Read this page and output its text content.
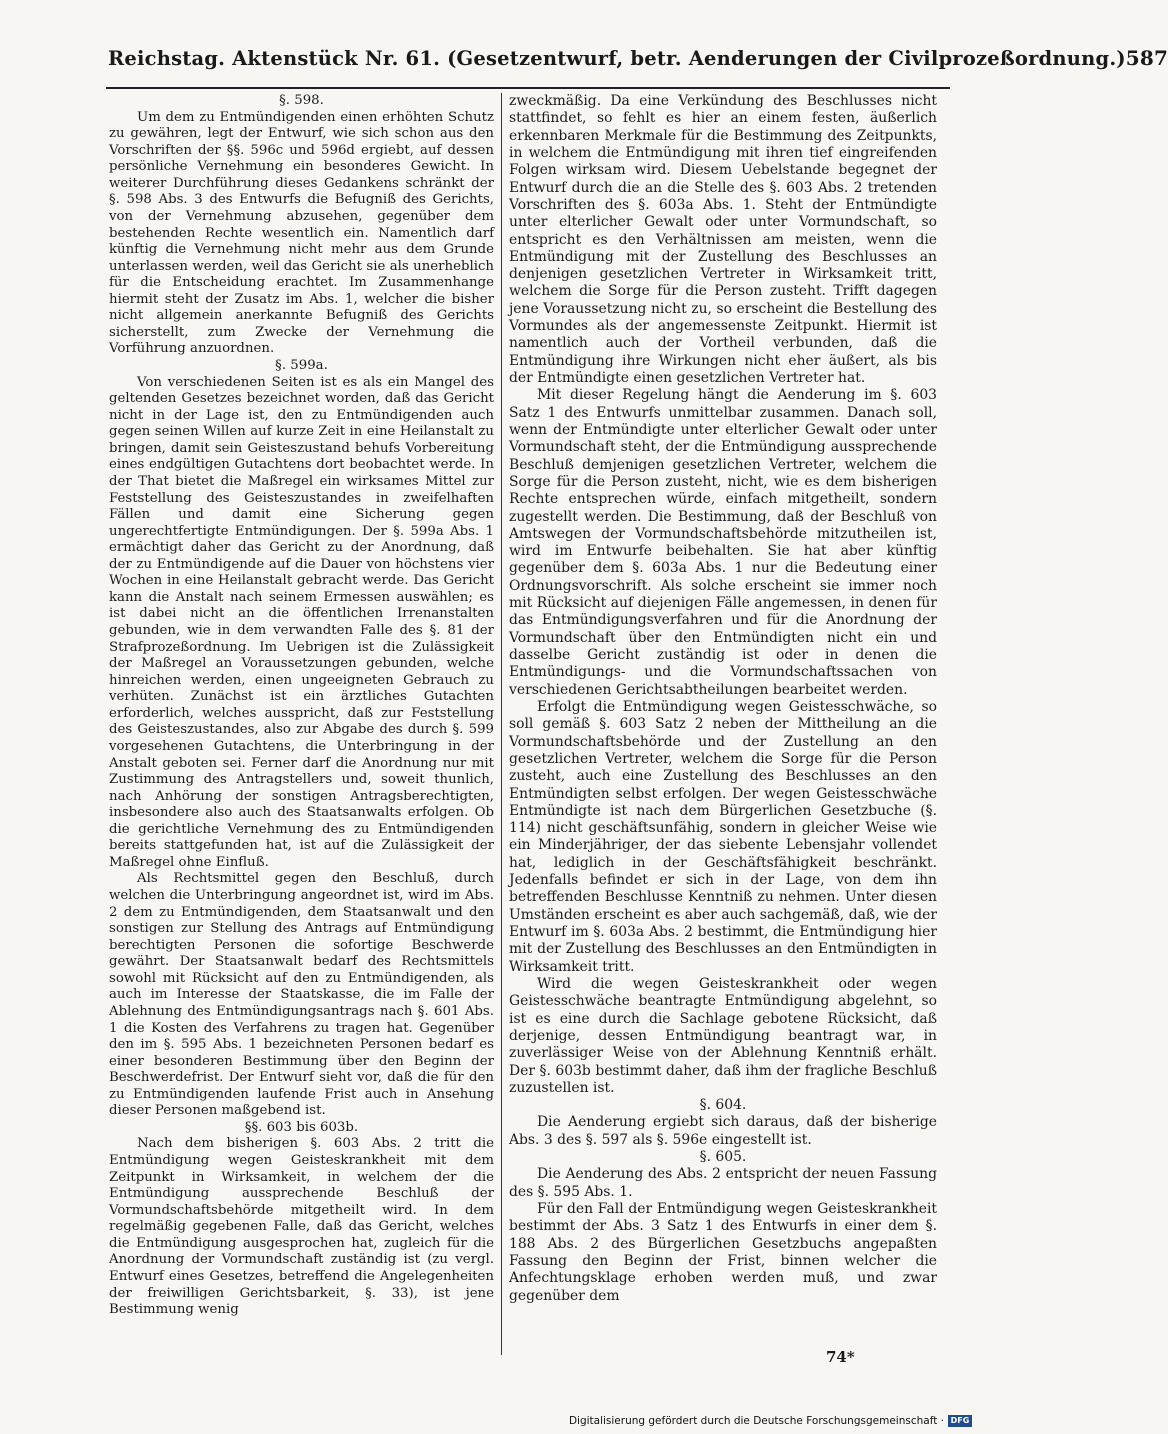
Reichstag. Aktenstück Nr. 61. (Gesetzentwurf, betr. Aenderungen der Civilprozeßordnung.) 587

§. 598.

Um dem zu Entmündigenden einen erhöhten Schutz zu gewähren, legt der Entwurf, wie sich schon aus den Vorschriften der §§. 596c und 596d ergiebt, auf dessen persönliche Vernehmung ein besonderes Gewicht. In weiterer Durchführung dieses Gedankens schränkt der §. 598 Abs. 3 des Entwurfs die Befugniß des Gerichts, von der Vernehmung abzusehen, gegenüber dem bestehenden Rechte wesentlich ein. Namentlich darf künftig die Vernehmung nicht mehr aus dem Grunde unterlassen werden, weil das Gericht sie als unerheblich für die Entscheidung erachtet. Im Zusammenhange hiermit steht der Zusatz im Abs. 1, welcher die bisher nicht allgemein anerkannte Befugniß des Gerichts sicherstellt, zum Zwecke der Vernehmung die Vorführung anzuordnen.

§. 599a.

Von verschiedenen Seiten ist es als ein Mangel des geltenden Gesetzes bezeichnet worden, daß das Gericht nicht in der Lage ist, den zu Entmündigenden auch gegen seinen Willen auf kurze Zeit in eine Heilanstalt zu bringen, damit sein Geisteszustand behufs Vorbereitung eines endgültigen Gutachtens dort beobachtet werde. In der That bietet die Maßregel ein wirksames Mittel zur Feststellung des Geisteszustandes in zweifelhaften Fällen und damit eine Sicherung gegen ungerechtfertigte Entmündigungen. Der §. 599a Abs. 1 ermächtigt daher das Gericht zu der Anordnung, daß der zu Entmündigende auf die Dauer von höchstens vier Wochen in eine Heilanstalt gebracht werde. Das Gericht kann die Anstalt nach seinem Ermessen auswählen; es ist dabei nicht an die öffentlichen Irrenanstalten gebunden, wie in dem verwandten Falle des §. 81 der Strafprozeßordnung. Im Uebrigen ist die Zulässigkeit der Maßregel an Voraussetzungen gebunden, welche hinreichen werden, einen ungeeigneten Gebrauch zu verhüten. Zunächst ist ein ärztliches Gutachten erforderlich, welches ausspricht, daß zur Feststellung des Geisteszustandes, also zur Abgabe des durch §. 599 vorgesehenen Gutachtens, die Unterbringung in der Anstalt geboten sei. Ferner darf die Anordnung nur mit Zustimmung des Antragstellers und, soweit thunlich, nach Anhörung der sonstigen Antragsberechtigten, insbesondere also auch des Staatsanwalts erfolgen. Ob die gerichtliche Vernehmung des zu Entmündigenden bereits stattgefunden hat, ist auf die Zulässigkeit der Maßregel ohne Einfluß.

Als Rechtsmittel gegen den Beschluß, durch welchen die Unterbringung angeordnet ist, wird im Abs. 2 dem zu Entmündigenden, dem Staatsanwalt und den sonstigen zur Stellung des Antrags auf Entmündigung berechtigten Personen die sofortige Beschwerde gewährt. Der Staatsanwalt bedarf des Rechtsmittels sowohl mit Rücksicht auf den zu Entmündigenden, als auch im Interesse der Staatskasse, die im Falle der Ablehnung des Entmündigungsantrags nach §. 601 Abs. 1 die Kosten des Verfahrens zu tragen hat. Gegenüber den im §. 595 Abs. 1 bezeichneten Personen bedarf es einer besonderen Bestimmung über den Beginn der Beschwerdefrist. Der Entwurf sieht vor, daß die für den zu Entmündigenden laufende Frist auch in Ansehung dieser Personen maßgebend ist.

§§. 603 bis 603b.

Nach dem bisherigen §. 603 Abs. 2 tritt die Entmündigung wegen Geisteskrankheit mit dem Zeitpunkt in Wirksamkeit, in welchem der die Entmündigung aussprechende Beschluß der Vormundschaftsbehörde mitgetheilt wird. In dem regelmäßig gegebenen Falle, daß das Gericht, welches die Entmündigung ausgesprochen hat, zugleich für die Anordnung der Vormundschaft zuständig ist (zu vergl. Entwurf eines Gesetzes, betreffend die Angelegenheiten der freiwilligen Gerichtsbarkeit, §. 33), ist jene Bestimmung wenig

zweckmäßig. Da eine Verkündung des Beschlusses nicht stattfindet, so fehlt es hier an einem festen, äußerlich erkennbaren Merkmale für die Bestimmung des Zeitpunkts, in welchem die Entmündigung mit ihren tief eingreifenden Folgen wirksam wird. Diesem Uebelstande begegnet der Entwurf durch die an die Stelle des §. 603 Abs. 2 tretenden Vorschriften des §. 603a Abs. 1. Steht der Entmündigte unter elterlicher Gewalt oder unter Vormundschaft, so entspricht es den Verhältnissen am meisten, wenn die Entmündigung mit der Zustellung des Beschlusses an denjenigen gesetzlichen Vertreter in Wirksamkeit tritt, welchem die Sorge für die Person zusteht. Trifft dagegen jene Voraussetzung nicht zu, so erscheint die Bestellung des Vormundes als der angemessenste Zeitpunkt. Hiermit ist namentlich auch der Vortheil verbunden, daß die Entmündigung ihre Wirkungen nicht eher äußert, als bis der Entmündigte einen gesetzlichen Vertreter hat.

Mit dieser Regelung hängt die Aenderung im §. 603 Satz 1 des Entwurfs unmittelbar zusammen. Danach soll, wenn der Entmündigte unter elterlicher Gewalt oder unter Vormundschaft steht, der die Entmündigung aussprechende Beschluß demjenigen gesetzlichen Vertreter, welchem die Sorge für die Person zusteht, nicht, wie es dem bisherigen Rechte entsprechen würde, einfach mitgetheilt, sondern zugestellt werden. Die Bestimmung, daß der Beschluß von Amtswegen der Vormundschaftsbehörde mitzutheilen ist, wird im Entwurfe beibehalten. Sie hat aber künftig gegenüber dem §. 603a Abs. 1 nur die Bedeutung einer Ordnungsvorschrift. Als solche erscheint sie immer noch mit Rücksicht auf diejenigen Fälle angemessen, in denen für das Entmündigungsverfahren und für die Anordnung der Vormundschaft über den Entmündigten nicht ein und dasselbe Gericht zuständig ist oder in denen die Entmündigungs- und die Vormundschaftssachen von verschiedenen Gerichtsabtheilungen bearbeitet werden.

Erfolgt die Entmündigung wegen Geistesschwäche, so soll gemäß §. 603 Satz 2 neben der Mittheilung an die Vormundschaftsbehörde und der Zustellung an den gesetzlichen Vertreter, welchem die Sorge für die Person zusteht, auch eine Zustellung des Beschlusses an den Entmündigten selbst erfolgen. Der wegen Geistesschwäche Entmündigte ist nach dem Bürgerlichen Gesetzbuche (§. 114) nicht geschäftsunfähig, sondern in gleicher Weise wie ein Minderjähriger, der das siebente Lebensjahr vollendet hat, lediglich in der Geschäftsfähigkeit beschränkt. Jedenfalls befindet er sich in der Lage, von dem ihn betreffenden Beschlusse Kenntniß zu nehmen. Unter diesen Umständen erscheint es aber auch sachgemäß, daß, wie der Entwurf im §. 603a Abs. 2 bestimmt, die Entmündigung hier mit der Zustellung des Beschlusses an den Entmündigten in Wirksamkeit tritt.

Wird die wegen Geisteskrankheit oder wegen Geistesschwäche beantragte Entmündigung abgelehnt, so ist es eine durch die Sachlage gebotene Rücksicht, daß derjenige, dessen Entmündigung beantragt war, in zuverlässiger Weise von der Ablehnung Kenntniß erhält. Der §. 603b bestimmt daher, daß ihm der fragliche Beschluß zuzustellen ist.

§. 604.

Die Aenderung ergiebt sich daraus, daß der bisherige Abs. 3 des §. 597 als §. 596e eingestellt ist.

§. 605.

Die Aenderung des Abs. 2 entspricht der neuen Fassung des §. 595 Abs. 1.

Für den Fall der Entmündigung wegen Geisteskrankheit bestimmt der Abs. 3 Satz 1 des Entwurfs in einer dem §. 188 Abs. 2 des Bürgerlichen Gesetzbuchs angepaßten Fassung den Beginn der Frist, binnen welcher die Anfechtungsklage erhoben werden muß, und zwar gegenüber dem

74*
Digitalisierung gefördert durch die Deutsche Forschungsgemeinschaft · DFG
